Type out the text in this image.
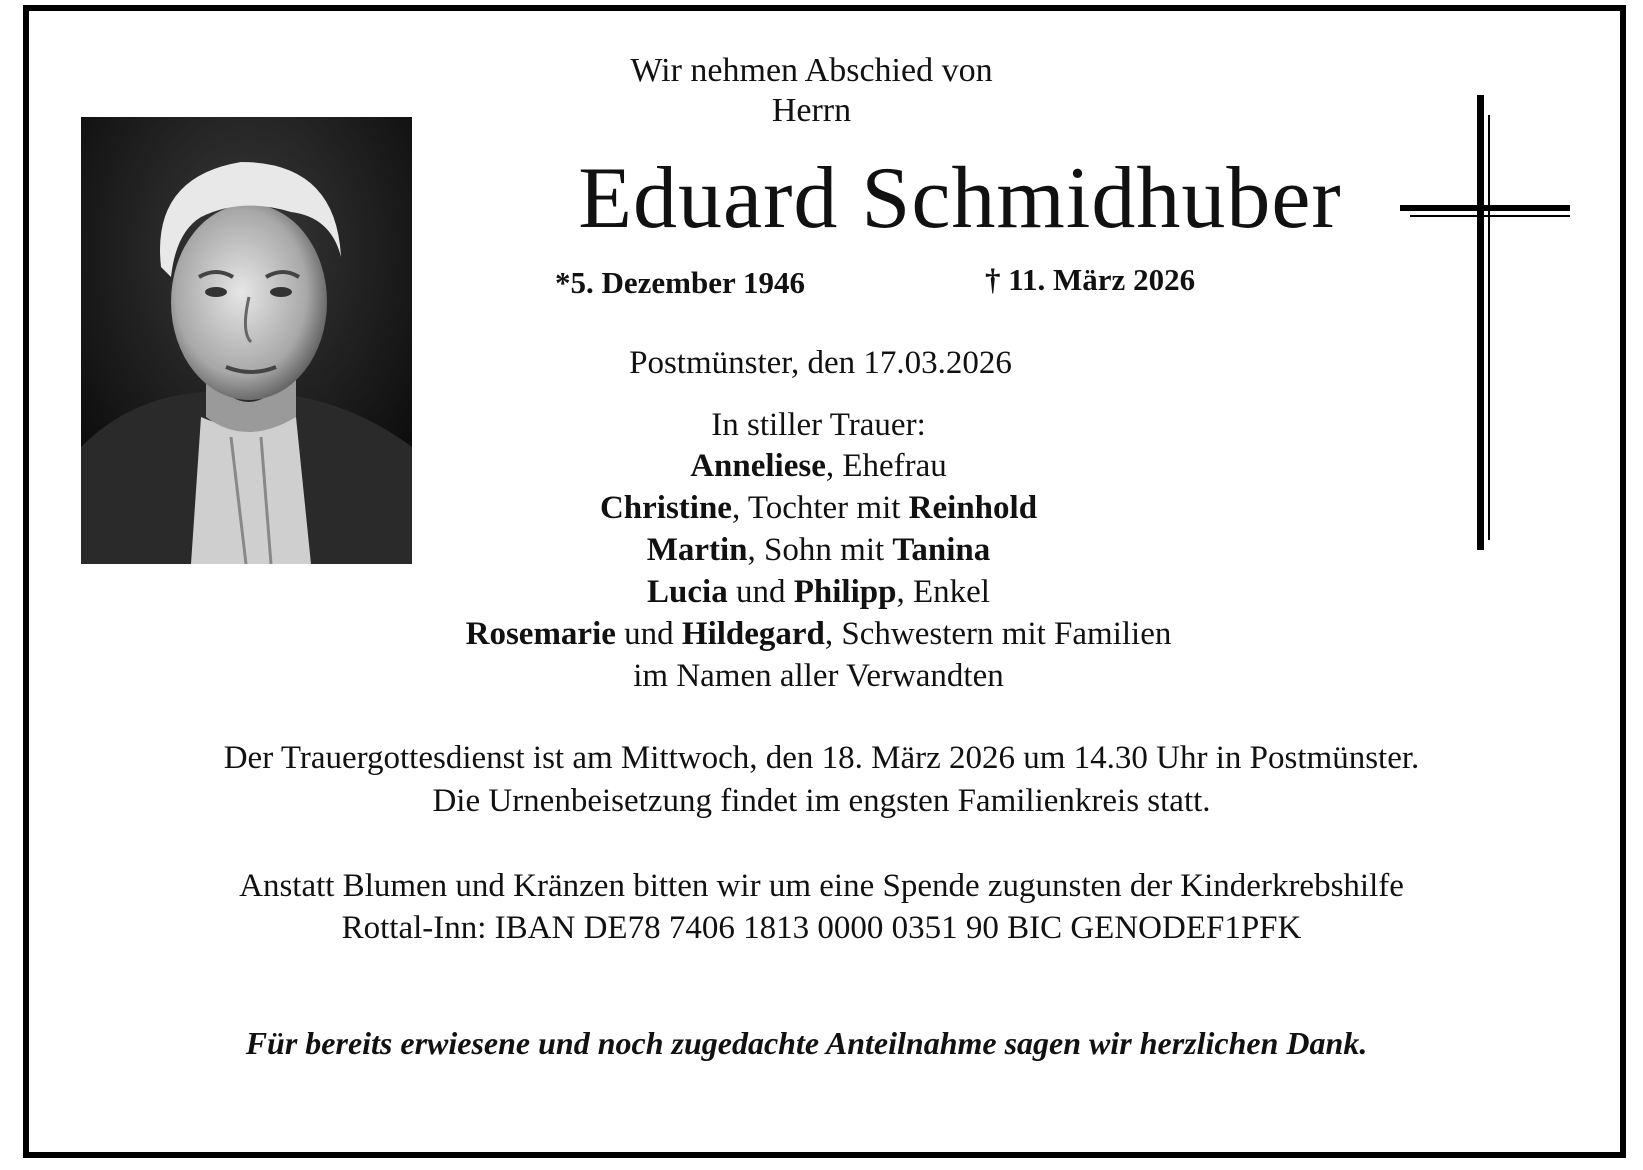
Wir nehmen Abschied von
Herrn
Eduard Schmidhuber
*5. Dezember 1946	† 11. März 2026
Postmünster, den 17.03.2026
In stiller Trauer:
Anneliese, Ehefrau
Christine, Tochter mit Reinhold
Martin, Sohn mit Tanina
Lucia und Philipp, Enkel
Rosemarie und Hildegard, Schwestern mit Familien
im Namen aller Verwandten
Der Trauergottesdienst ist am Mittwoch, den 18. März 2026 um 14.30 Uhr in Postmünster.
Die Urnenbeisetzung findet im engsten Familienkreis statt.
Anstatt Blumen und Kränzen bitten wir um eine Spende zugunsten der Kinderkrebshilfe
Rottal-Inn: IBAN DE78 7406 1813 0000 0351 90 BIC GENODEF1PFK
Für bereits erwiesene und noch zugedachte Anteilnahme sagen wir herzlichen Dank.
